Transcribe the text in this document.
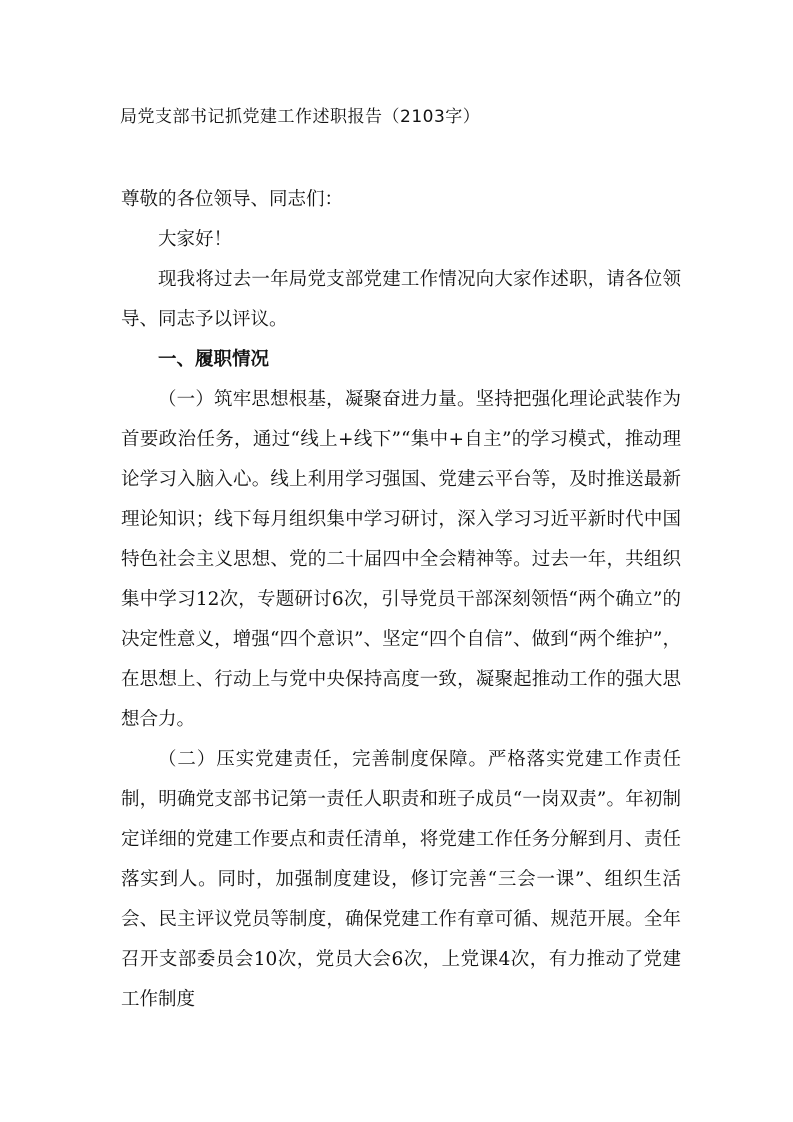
局党支部书记抓党建工作述职报告（2103字）

尊敬的各位领导、同志们：

大家好！

现我将过去一年局党支部党建工作情况向大家作述职，请各位领导、同志予以评议。

一、履职情况

（一）筑牢思想根基，凝聚奋进力量。坚持把强化理论武装作为首要政治任务，通过“线上+线下”“集中+自主”的学习模式，推动理论学习入脑入心。线上利用学习强国、党建云平台等，及时推送最新理论知识；线下每月组织集中学习研讨，深入学习习近平新时代中国特色社会主义思想、党的二十届四中全会精神等。过去一年，共组织集中学习12次，专题研讨6次，引导党员干部深刻领悟“两个确立”的决定性意义，增强“四个意识”、坚定“四个自信”、做到“两个维护”，在思想上、行动上与党中央保持高度一致，凝聚起推动工作的强大思想合力。

（二）压实党建责任，完善制度保障。严格落实党建工作责任制，明确党支部书记第一责任人职责和班子成员“一岗双责”。年初制定详细的党建工作要点和责任清单，将党建工作任务分解到月、责任落实到人。同时，加强制度建设，修订完善“三会一课”、组织生活会、民主评议党员等制度，确保党建工作有章可循、规范开展。全年召开支部委员会10次，党员大会6次，上党课4次，有力推动了党建工作制度
